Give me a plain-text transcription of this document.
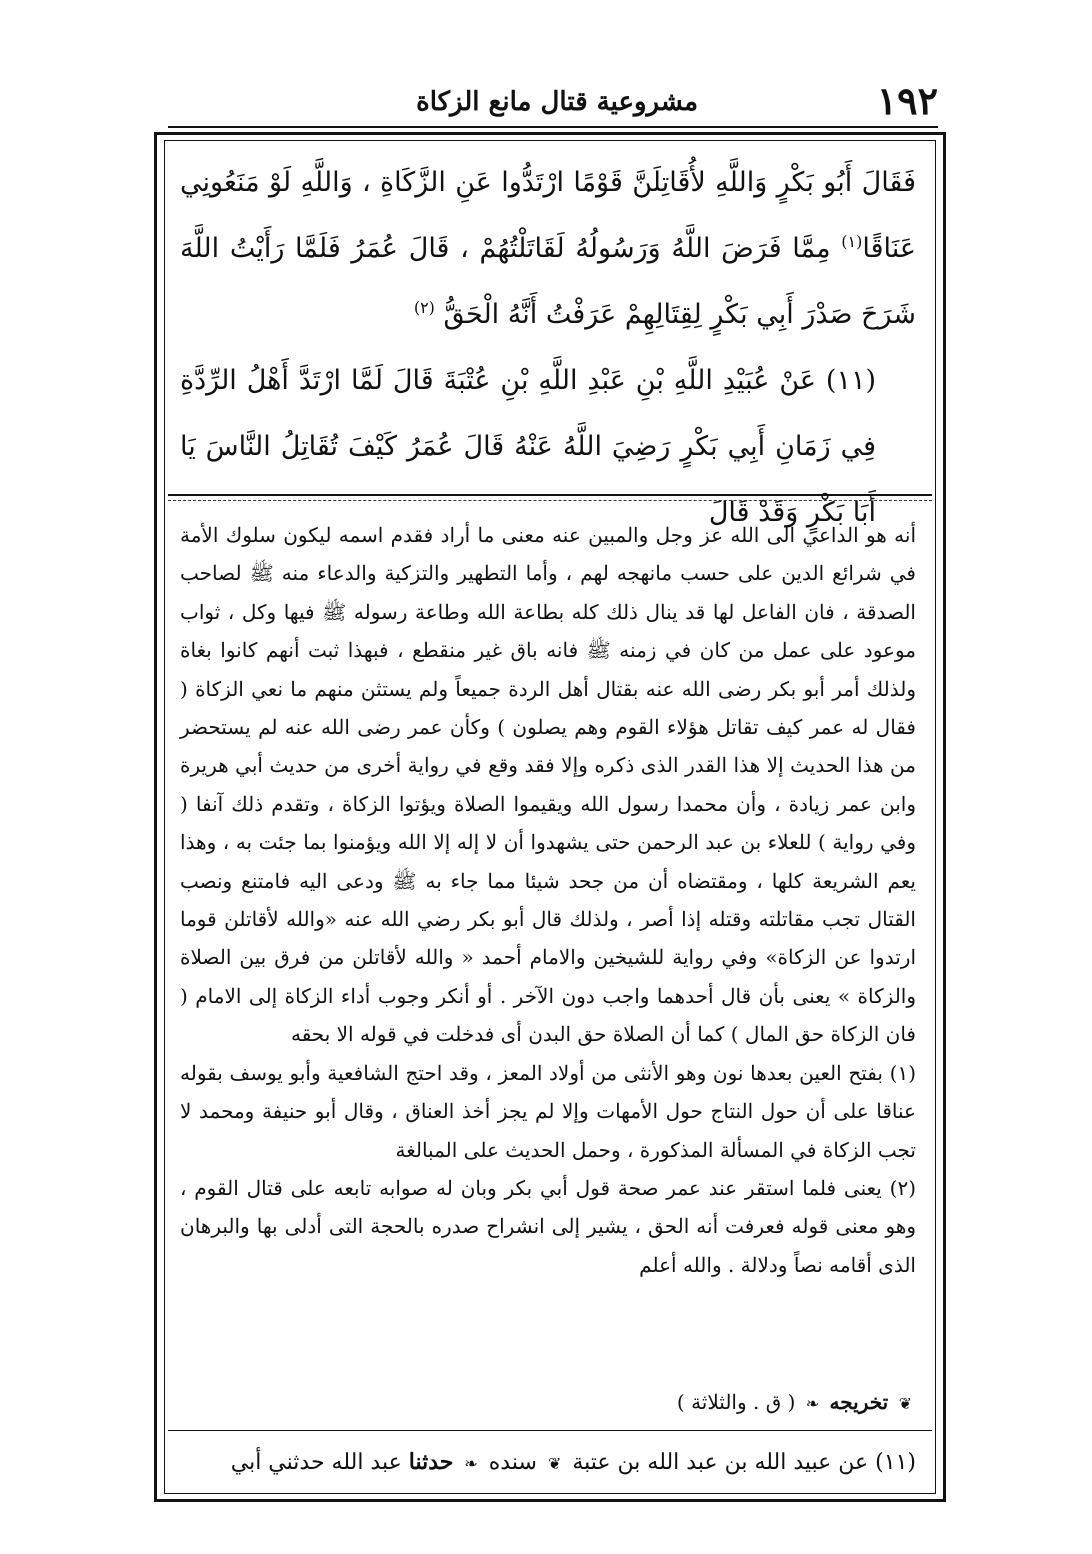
١٩٢
مشروعية قتال مانع الزكاة

فَقَالَ أَبُو بَكْرٍ وَاللَّهِ لأُقَاتِلَنَّ قَوْمًا ارْتَدُّوا عَنِ الزَّكَاةِ ، وَاللَّهِ لَوْ مَنَعُونِي عَنَاقًا$^{(١)}$ مِمَّا فَرَضَ اللَّهُ وَرَسُولُهُ لَقَاتَلْتُهُمْ ، قَالَ عُمَرُ فَلَمَّا رَأَيْتُ اللَّهَ شَرَحَ صَدْرَ أَبِي بَكْرٍ لِقِتَالِهِمْ عَرَفْتُ أَنَّهُ الْحَقُّ $^{(٢)}$

(١١) عَنْ عُبَيْدِ اللَّهِ بْنِ عَبْدِ اللَّهِ بْنِ عُتْبَةَ قَالَ لَمَّا ارْتَدَّ أَهْلُ الرِّدَّةِ فِي زَمَانِ أَبِي بَكْرٍ رَضِيَ اللَّهُ عَنْهُ قَالَ عُمَرُ كَيْفَ تُقَاتِلُ النَّاسَ يَا أَبَا بَكْرٍ وَقَدْ قَالَ

أنه هو الداعي الى الله عز وجل والمبين عنه معنى ما أراد فقدم اسمه ليكون سلوك الأمة في شرائع الدين على حسب مانهجه لهم ، وأما التطهير والتزكية والدعاء منه ﷺ لصاحب الصدقة ، فان الفاعل لها قد ينال ذلك كله بطاعة الله وطاعة رسوله ﷺ فيها وكل ، ثواب موعود على عمل من كان في زمنه ﷺ فانه باق غير منقطع ، فبهذا ثبت أنهم كانوا بغاة ولذلك أمر أبو بكر رضى الله عنه بقتال أهل الردة جميعاً ولم يستثن منهم ما نعي الزكاة ( فقال له عمر كيف تقاتل هؤلاء القوم وهم يصلون ) وكأن عمر رضى الله عنه لم يستحضر من هذا الحديث إلا هذا القدر الذى ذكره وإلا فقد وقع في رواية أخرى من حديث أبي هريرة وابن عمر زيادة ، وأن محمدا رسول الله ويقيموا الصلاة ويؤتوا الزكاة ، وتقدم ذلك آنفا ( وفي رواية ) للعلاء بن عبد الرحمن حتى يشهدوا أن لا إله إلا الله ويؤمنوا بما جئت به ، وهذا يعم الشريعة كلها ، ومقتضاه أن من جحد شيئا مما جاء به ﷺ ودعى اليه فامتنع ونصب القتال تجب مقاتلته وقتله إذا أصر ، ولذلك قال أبو بكر رضي الله عنه «والله لأقاتلن قوما ارتدوا عن الزكاة» وفي رواية للشيخين والامام أحمد « والله لأقاتلن من فرق بين الصلاة والزكاة » يعنى بأن قال أحدهما واجب دون الآخر . أو أنكر وجوب أداء الزكاة إلى الامام ( فان الزكاة حق المال ) كما أن الصلاة حق البدن أى فدخلت في قوله الا بحقه

(١) بفتح العين بعدها نون وهو الأنثى من أولاد المعز ، وقد احتج الشافعية وأبو يوسف بقوله عناقا على أن حول النتاج حول الأمهات وإلا لم يجز أخذ العناق ، وقال أبو حنيفة ومحمد لا تجب الزكاة في المسألة المذكورة ، وحمل الحديث على المبالغة

(٢) يعنى فلما استقر عند عمر صحة قول أبي بكر وبان له صوابه تابعه على قتال القوم ، وهو معنى قوله فعرفت أنه الحق ، يشير إلى انشراح صدره بالحجة التى أدلى بها والبرهان الذى أقامه نصاً ودلالة . والله أعلم

❦ تخريجه ❧ ( ق . والثلاثة )
(١١) عن عبيد الله بن عبد الله بن عتبة ❦ سنده ❧ حدثنا عبد الله حدثني أبي
